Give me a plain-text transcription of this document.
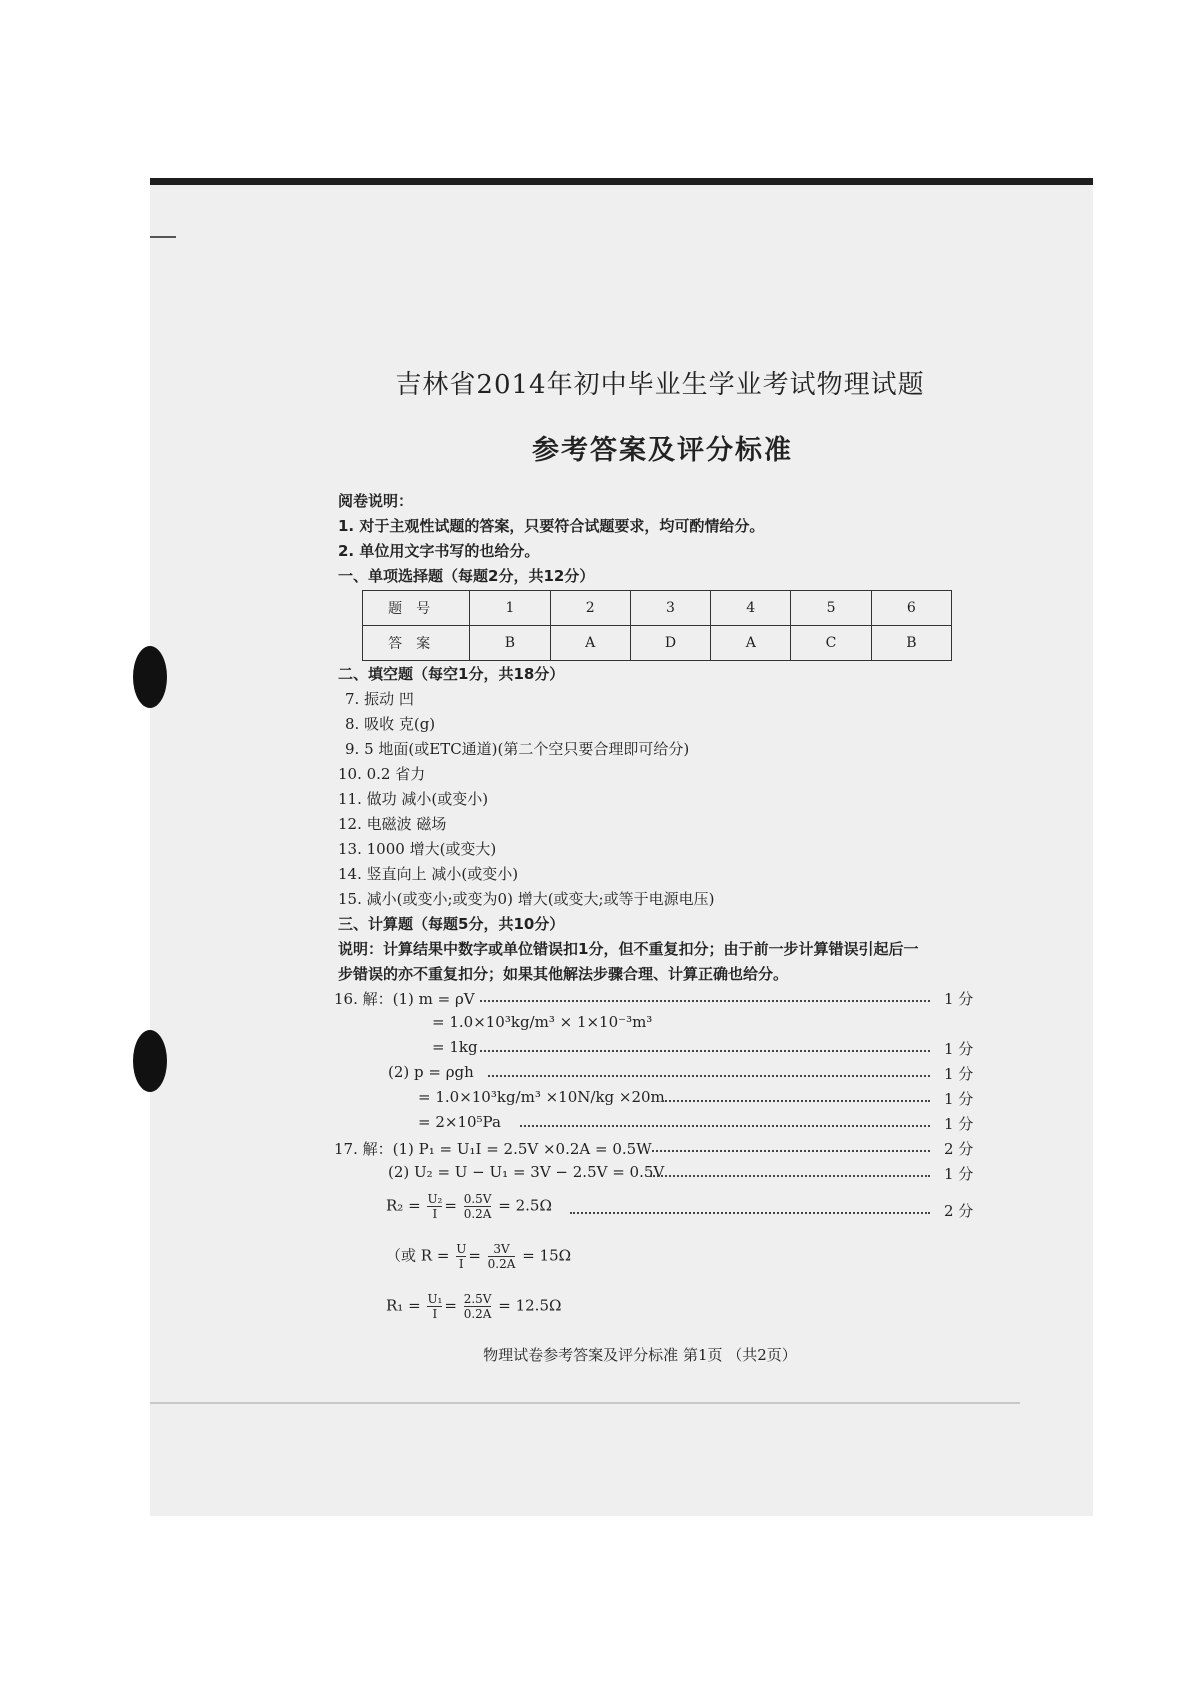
吉林省2014年初中毕业生学业考试物理试题
参考答案及评分标准
阅卷说明：
1. 对于主观性试题的答案，只要符合试题要求，均可酌情给分。
2. 单位用文字书写的也给分。
一、单项选择题（每题2分，共12分）
题号	1	2	3	4	5	6
答案	B	A	D	A	C	B
二、填空题（每空1分，共18分）
7. 振动 凹
8. 吸收 克(g)
9. 5 地面(或ETC通道)(第二个空只要合理即可给分)
10. 0.2 省力
11. 做功 减小(或变小)
12. 电磁波 磁场
13. 1000 增大(或变大)
14. 竖直向上 减小(或变小)
15. 减小(或变小;或变为0) 增大(或变大;或等于电源电压)
三、计算题（每题5分，共10分）
说明：计算结果中数字或单位错误扣1分，但不重复扣分；由于前一步计算错误引起后一
步错误的亦不重复扣分；如果其他解法步骤合理、计算正确也给分。
16. 解：(1) m = ρV	1 分
= 1.0×10³kg/m³ × 1×10⁻³m³
= 1kg	1 分
(2) p = ρgh	1 分
= 1.0×10³kg/m³ ×10N/kg ×20m	1 分
= 2×10⁵Pa	1 分
17. 解：(1) P₁ = U₁I = 2.5V ×0.2A = 0.5W	2 分
(2) U₂ = U − U₁ = 3V − 2.5V = 0.5V	1 分
$R_2 = \frac{\text{U₂}}{I} = \frac{0.5V}{0.2A} = 2.5\Omega$	2 分
（或 $R = \frac{U}{I} = \frac{3V}{0.2A} = 15\Omega$
$R_1 = \frac{\text{U₁}}{I} = \frac{2.5V}{0.2A} = 12.5\Omega$
物理试卷参考答案及评分标准 第1页 （共2页）
